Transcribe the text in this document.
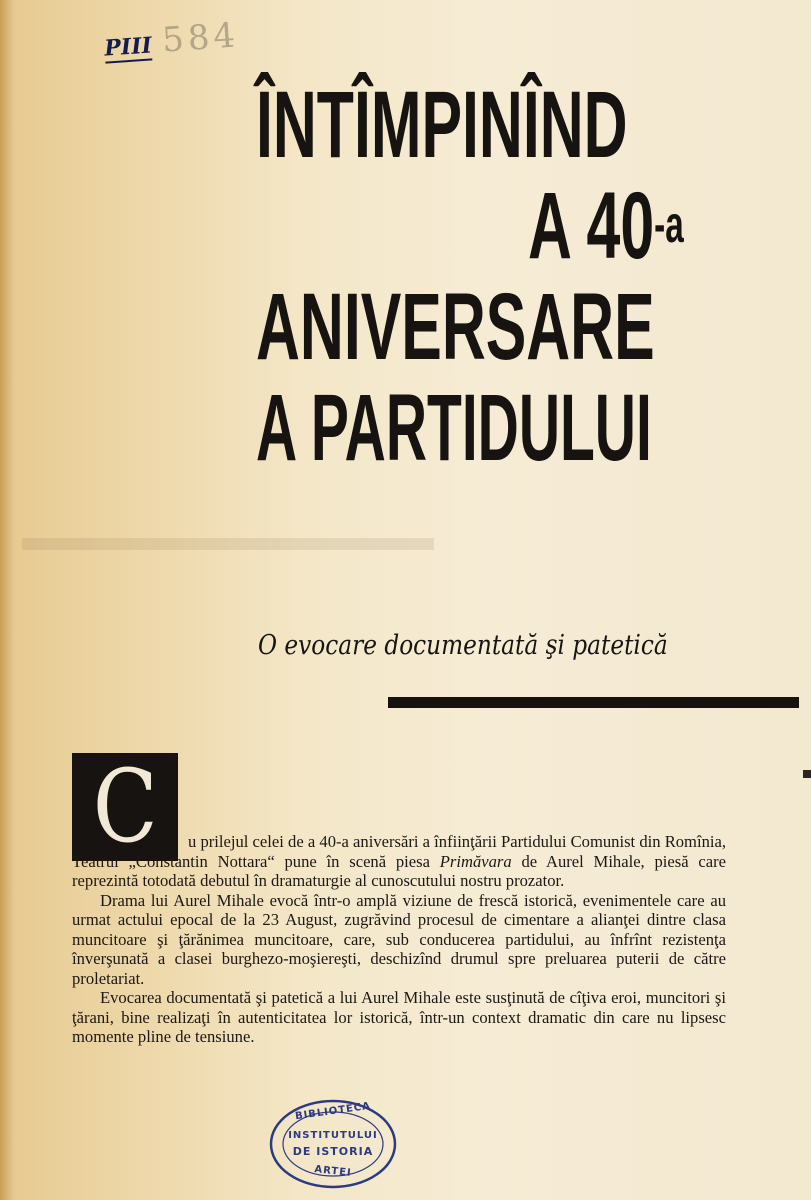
PIII 584
ÎNTÎMPINÎND
A 40-a
ANIVERSARE
A PARTIDULUI
O evocare documentată şi patetică
C	u prilejul celei de a 40-a aniversări a înfiinţării Partidului Comunist din Romînia, Teatrul „Constantin Nottara“ pune în scenă piesa Primăvara de Aurel Mihale, piesă care reprezintă totodată debutul în dramaturgie al cunoscutului nostru prozator.

Drama lui Aurel Mihale evocă într-o amplă viziune de frescă istorică, evenimentele care au urmat actului epocal de la 23 August, zugrăvind procesul de cimentare a alianţei dintre clasa muncitoare şi ţărănimea muncitoare, care, sub conducerea partidului, au înfrînt rezistenţa înverşunată a clasei burghezo-moşiereşti, deschizînd drumul spre preluarea puterii de către proletariat.

Evocarea documentată şi patetică a lui Aurel Mihale este susţinută de cîţiva eroi, muncitori şi ţărani, bine realizaţi în autenticitatea lor istorică, într-un context dramatic din care nu lipsesc momente pline de tensiune.

BIBLIOTECA
INSTITUTULUI
DE ISTORIA
ARTEI
